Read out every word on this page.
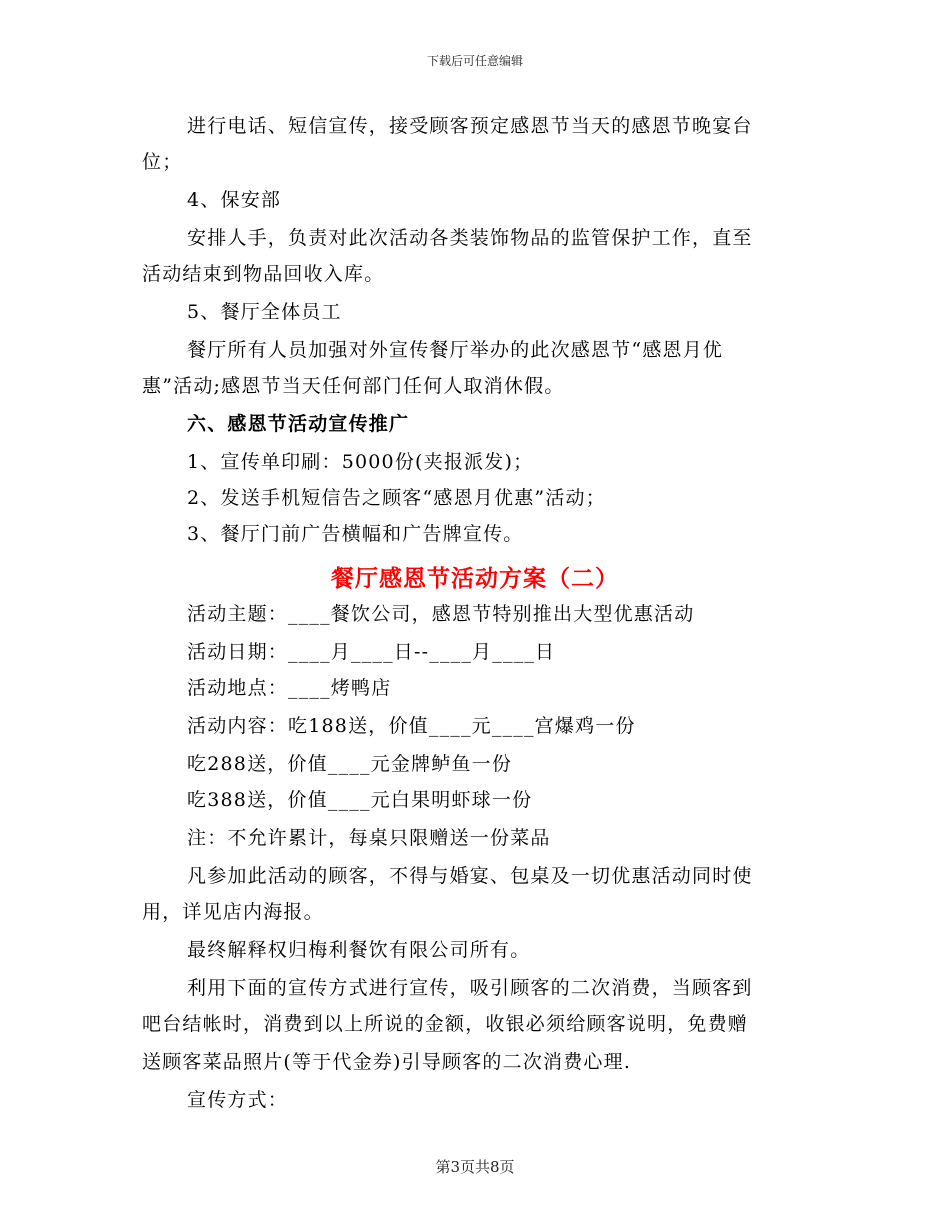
下载后可任意编辑
进行电话、短信宣传，接受顾客预定感恩节当天的感恩节晚宴台
位；
4、保安部
安排人手，负责对此次活动各类装饰物品的监管保护工作，直至
活动结束到物品回收入库。
5、餐厅全体员工
餐厅所有人员加强对外宣传餐厅举办的此次感恩节“感恩月优
惠”活动;感恩节当天任何部门任何人取消休假。
六、感恩节活动宣传推广
1、宣传单印刷：5000份(夹报派发)；
2、发送手机短信告之顾客“感恩月优惠”活动；
3、餐厅门前广告横幅和广告牌宣传。
餐厅感恩节活动方案（二）
活动主题：____餐饮公司，感恩节特别推出大型优惠活动
活动日期：____月____日--____月____日
活动地点：____烤鸭店
活动内容：吃188送，价值____元____宫爆鸡一份
吃288送，价值____元金牌鲈鱼一份
吃388送，价值____元白果明虾球一份
注：不允许累计，每桌只限赠送一份菜品
凡参加此活动的顾客，不得与婚宴、包桌及一切优惠活动同时使
用，详见店内海报。
最终解释权归梅利餐饮有限公司所有。
利用下面的宣传方式进行宣传，吸引顾客的二次消费，当顾客到
吧台结帐时，消费到以上所说的金额，收银必须给顾客说明，免费赠
送顾客菜品照片(等于代金券)引导顾客的二次消费心理.
宣传方式：
第3页共8页
